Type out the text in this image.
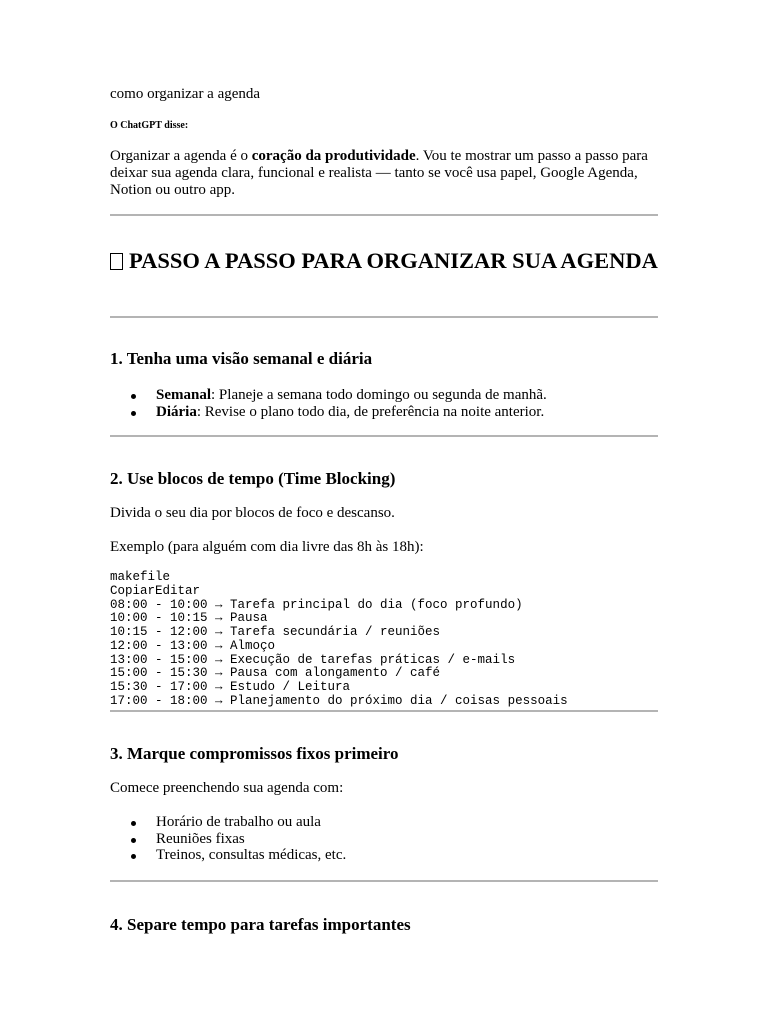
como organizar a agenda

O ChatGPT disse:

Organizar a agenda é o coração da produtividade. Vou te mostrar um passo a passo para deixar sua agenda clara, funcional e realista — tanto se você usa papel, Google Agenda, Notion ou outro app.

PASSO A PASSO PARA ORGANIZAR SUA AGENDA
1. Tenha uma visão semanal e diária
Semanal: Planeje a semana todo domingo ou segunda de manhã.
Diária: Revise o plano todo dia, de preferência na noite anterior.
2. Use blocos de tempo (Time Blocking)

Divida o seu dia por blocos de foco e descanso.

Exemplo (para alguém com dia livre das 8h às 18h):

makefile
CopiarEditar
08:00 - 10:00 → Tarefa principal do dia (foco profundo)
10:00 - 10:15 → Pausa
10:15 - 12:00 → Tarefa secundária / reuniões
12:00 - 13:00 → Almoço
13:00 - 15:00 → Execução de tarefas práticas / e-mails
15:00 - 15:30 → Pausa com alongamento / café
15:30 - 17:00 → Estudo / Leitura
17:00 - 18:00 → Planejamento do próximo dia / coisas pessoais
3. Marque compromissos fixos primeiro

Comece preenchendo sua agenda com:

Horário de trabalho ou aula
Reuniões fixas
Treinos, consultas médicas, etc.
4. Separe tempo para tarefas importantes
